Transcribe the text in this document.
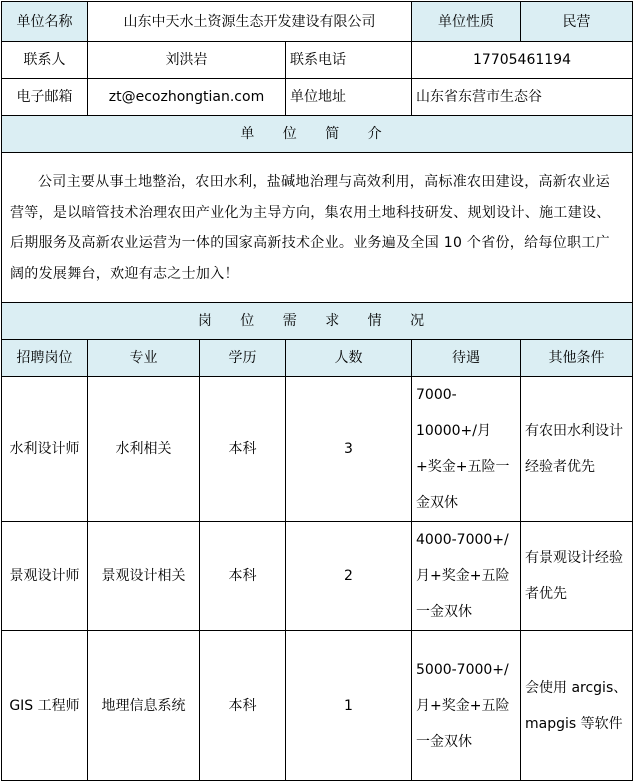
单位名称	山东中天水土资源生态开发建设有限公司			单位性质	民营
联系人	刘洪岩		联系电话	17705461194	
电子邮箱	zt@ecozhongtian.com		单位地址	山东省东营市生态谷	
单 位 简 介					
公司主要从事土地整治，农田水利，盐碱地治理与高效利用，高标准农田建设，高新农业运营等，是以暗管技术治理农田产业化为主导方向，集农用土地科技研发、规划设计、施工建设、后期服务及高新农业运营为一体的国家高新技术企业。业务遍及全国 10 个省份，给每位职工广阔的发展舞台，欢迎有志之士加入！					
岗 位 需 求 情 况					
招聘岗位	专业	学历	人数	待遇	其他条件
水利设计师	水利相关	本科	3	7000-10000+/月+奖金+五险一金双休	有农田水利设计经验者优先
景观设计师	景观设计相关	本科	2	4000-7000+/月+奖金+五险一金双休	有景观设计经验者优先
GIS 工程师	地理信息系统	本科	1	5000-7000+/月+奖金+五险一金双休	会使用 arcgis、mapgis 等软件
